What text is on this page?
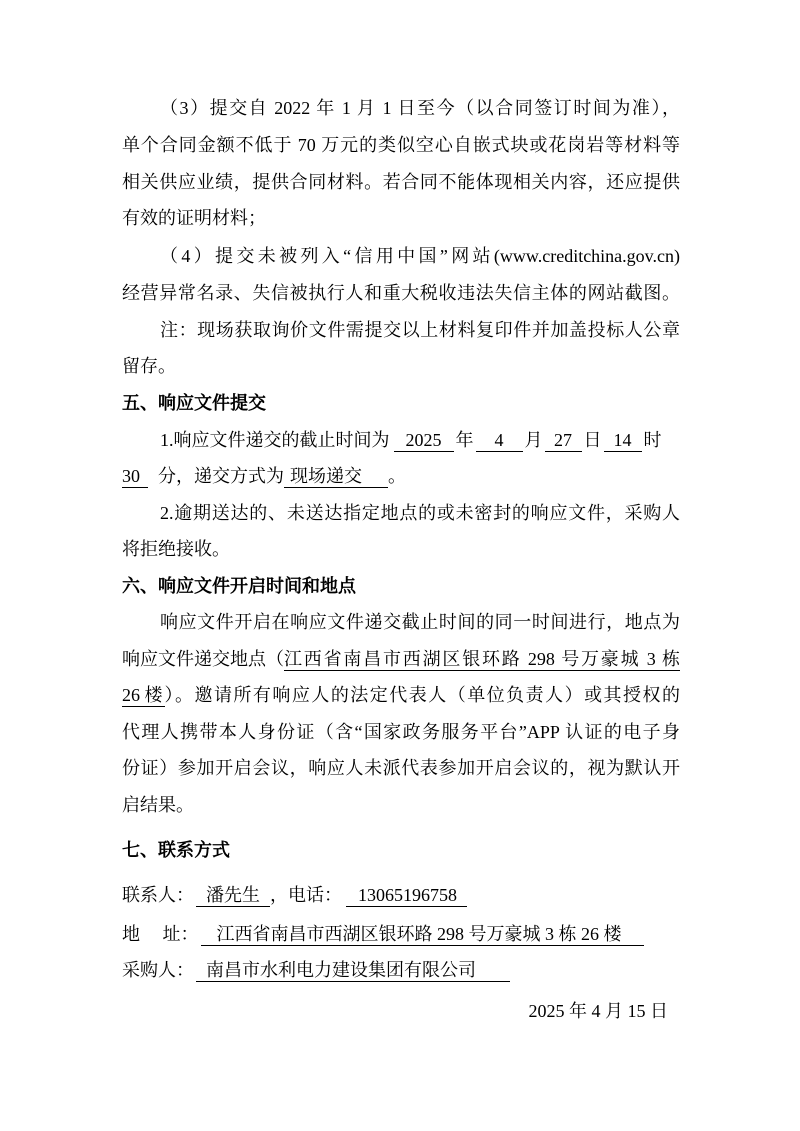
（3）提交自 2022 年 1 月 1 日至今（以合同签订时间为准），
单个合同金额不低于 70 万元的类似空心自嵌式块或花岗岩等材料等
相关供应业绩，提供合同材料。若合同不能体现相关内容，还应提供
有效的证明材料；
（4）提交未被列入“信用中国”网站(www.creditchina.gov.cn)
经营异常名录、失信被执行人和重大税收违法失信主体的网站截图。
注：现场获取询价文件需提交以上材料复印件并加盖投标人公章
留存。
五、响应文件提交
1.响应文件递交的截止时间为 2025 年	4	月 27 日 14 时
30	分，递交方式为 现场递交	。
2.逾期送达的、未送达指定地点的或未密封的响应文件，采购人
将拒绝接收。
六、响应文件开启时间和地点
响应文件开启在响应文件递交截止时间的同一时间进行，地点为
响应文件递交地点（ 江西省南昌市西湖区银环路 298 号万豪城 3 栋
26 楼 ）。邀请所有响应人的法定代表人（单位负责人）或其授权的
代理人携带本人身份证（含“国家政务服务平台”APP 认证的电子身
份证）参加开启会议，响应人未派代表参加开启会议的，视为默认开
启结果。
七、联系方式
联系人： 潘先生 ，电话： 13065196758
地 址：	江西省南昌市西湖区银环路 298 号万豪城 3 栋 26 楼
采购人： 南昌市水利电力建设集团有限公司
2025 年 4 月 15 日
